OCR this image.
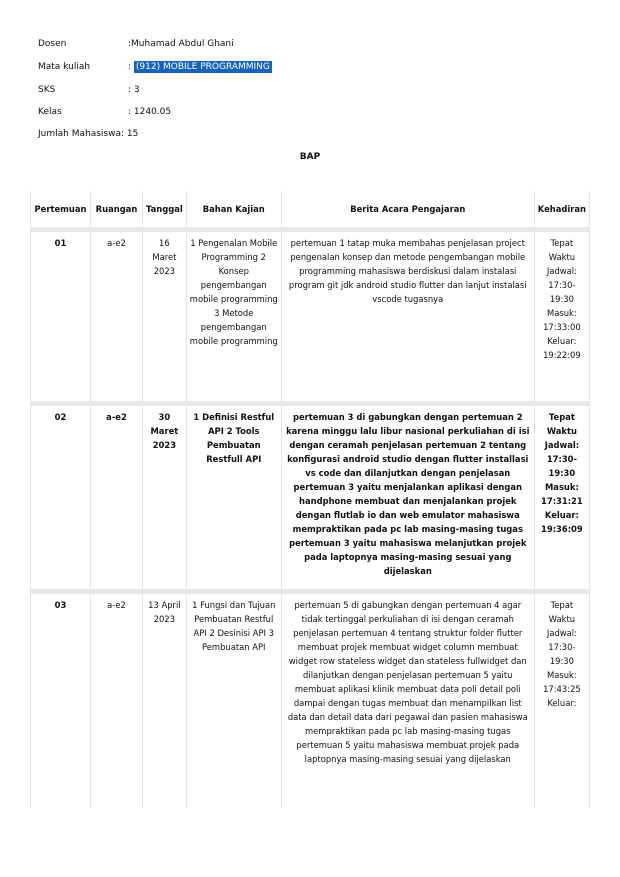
Dosen	:Muhamad Abdul Ghani
Mata kuliah	: (912) MOBILE PROGRAMMING
SKS	: 3
Kelas	: 1240.05
Jumlah Mahasiswa: 15
BAP
Pertemuan	Ruangan	Tanggal	Bahan Kajian	Berita Acara Pengajaran	Kehadiran
01	a-e2	16 Maret 2023	1 Pengenalan Mobile Programming 2 Konsep pengembangan mobile programming 3 Metode pengembangan mobile programming	pertemuan 1 tatap muka membahas penjelasan project pengenalan konsep dan metode pengembangan mobile programming mahasiswa berdiskusi dalam instalasi program git jdk android studio flutter dan lanjut instalasi vscode tugasnya	Tepat Waktu Jadwal: 17:30-19:30 Masuk: 17:33:00 Keluar: 19:22:09
02	a-e2	30 Maret 2023	1 Definisi Restful API 2 Tools Pembuatan Restfull API	pertemuan 3 di gabungkan dengan pertemuan 2 karena minggu lalu libur nasional perkuliahan di isi dengan ceramah penjelasan pertemuan 2 tentang konfigurasi android studio dengan flutter installasi vs code dan dilanjutkan dengan penjelasan pertemuan 3 yaitu menjalankan aplikasi dengan handphone membuat dan menjalankan projek dengan flutlab io dan web emulator mahasiswa mempraktikan pada pc lab masing-masing tugas pertemuan 3 yaitu mahasiswa melanjutkan projek pada laptopnya masing-masing sesuai yang dijelaskan	Tepat Waktu Jadwal: 17:30-19:30 Masuk: 17:31:21 Keluar: 19:36:09
03	a-e2	13 April 2023	1 Fungsi dan Tujuan Pembuatan Restful API 2 Desinisi API 3 Pembuatan API	pertemuan 5 di gabungkan dengan pertemuan 4 agar tidak tertinggal perkuliahan di isi dengan ceramah penjelasan pertemuan 4 tentang struktur folder flutter membuat projek membuat widget column membuat widget row stateless widget dan stateless fullwidget dan dilanjutkan dengan penjelasan pertemuan 5 yaitu membuat aplikasi klinik membuat data poli detail poli dampai dengan tugas membuat dan menampilkan list data dan detail data dari pegawai dan pasien mahasiswa mempraktikan pada pc lab masing-masing tugas pertemuan 5 yaitu mahasiswa membuat projek pada laptopnya masing-masing sesuai yang dijelaskan	Tepat Waktu Jadwal: 17:30-19:30 Masuk: 17:43:25 Keluar:
